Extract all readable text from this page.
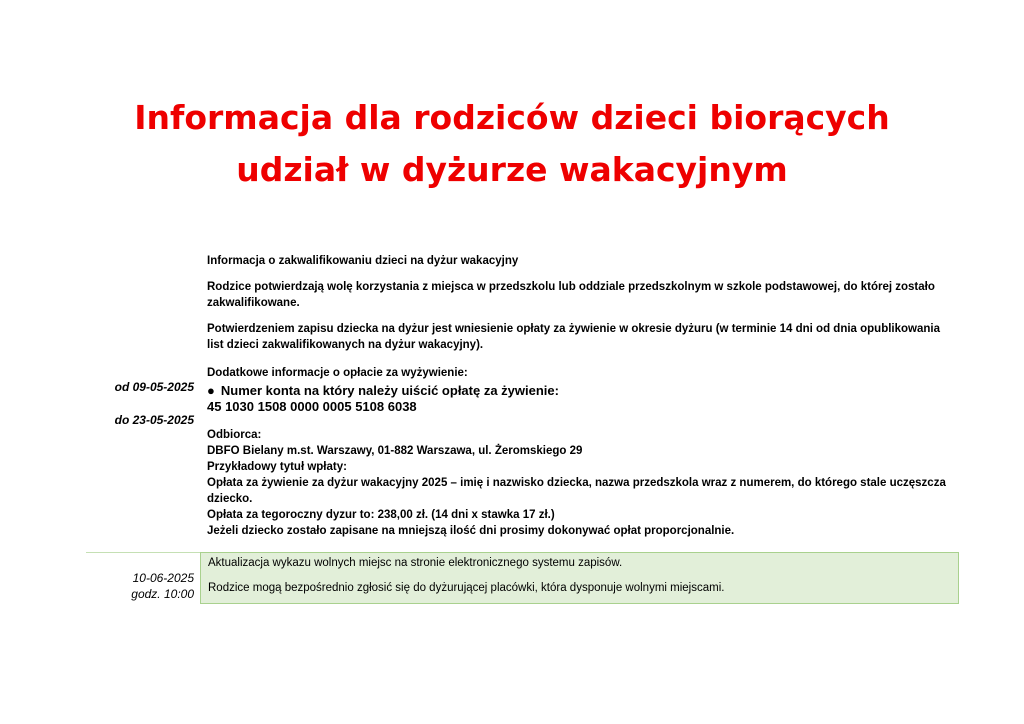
Informacja dla rodziców dzieci biorących
udział w dyżurze wakacyjnym
od 09-05-2025
do 23-05-2025

Informacja o zakwalifikowaniu dzieci na dyżur wakacyjny

Rodzice potwierdzają wolę korzystania z miejsca w przedszkolu lub oddziale przedszkolnym w szkole podstawowej, do której zostało zakwalifikowane.

Potwierdzeniem zapisu dziecka na dyżur jest wniesienie opłaty za żywienie w okresie dyżuru (w terminie 14 dni od dnia opublikowania list dzieci zakwalifikowanych na dyżur wakacyjny).

Dodatkowe informacje o opłacie za wyżywienie:

● Numer konta na który należy uiścić opłatę za żywienie:

45 1030 1508 0000 0005 5108 6038

Odbiorca:

DBFO Bielany m.st. Warszawy, 01-882 Warszawa, ul. Żeromskiego 29

Przykładowy tytuł wpłaty:

Opłata za żywienie za dyżur wakacyjny 2025 – imię i nazwisko dziecka, nazwa przedszkola wraz z numerem, do którego stale uczęszcza dziecko.

Opłata za tegoroczny dyzur to: 238,00 zł. (14 dni x stawka 17 zł.)

Jeżeli dziecko zostało zapisane na mniejszą ilość dni prosimy dokonywać opłat proporcjonalnie.

10-06-2025
godz. 10:00

Aktualizacja wykazu wolnych miejsc na stronie elektronicznego systemu zapisów.

Rodzice mogą bezpośrednio zgłosić się do dyżurującej placówki, która dysponuje wolnymi miejscami.
